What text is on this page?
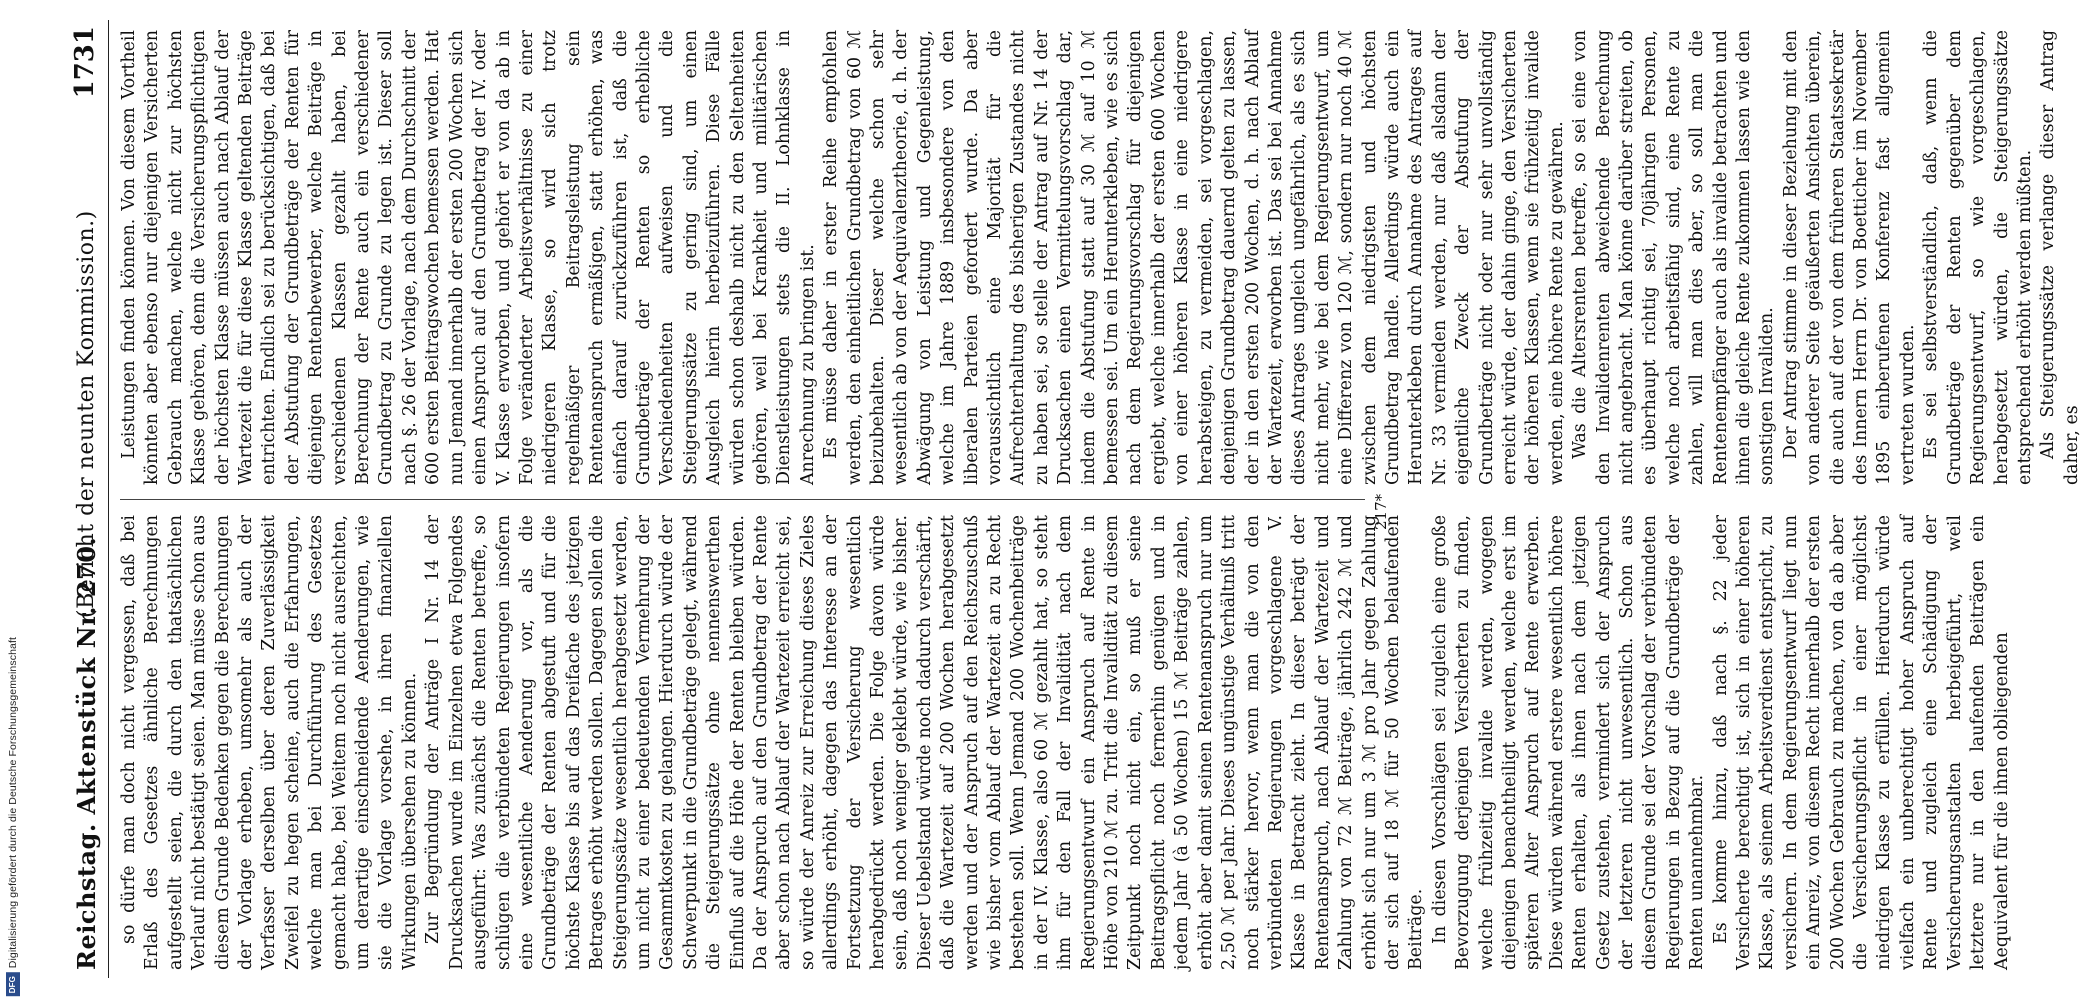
DFG
Digitalisierung gefördert durch die Deutsche Forschungsgemeinschaft Reichstag. Aktenstück Nr. 270.
(Bericht der neunten Kommission.)
1731

so dürfe man doch nicht vergessen, daß bei Erlaß des Gesetzes ähnliche Berechnungen aufgestellt seien, die durch den thatsächlichen Verlauf nicht bestätigt seien. Man müsse schon aus diesem Grunde Bedenken gegen die Berechnungen der Vorlage erheben, umsomehr als auch der Verfasser derselben über deren Zuverlässigkeit Zweifel zu hegen scheine, auch die Erfahrungen, welche man bei Durchführung des Gesetzes gemacht habe, bei Weitem noch nicht ausreichten, um derartige einschneidende Aenderungen, wie sie die Vorlage vorsehe, in ihren finanziellen Wirkungen übersehen zu können. Zur Begründung der Anträge I Nr. 14 der Drucksachen wurde im Einzelnen etwa Folgendes ausgeführt: Was zunächst die Renten betreffe, so schlügen die verbündeten Regierungen insofern eine wesentliche Aenderung vor, als die Grundbeträge der Renten abgestuft und für die höchste Klasse bis auf das Dreifache des jetzigen Betrages erhöht werden sollen. Dagegen sollen die Steigerungssätze wesentlich herabgesetzt werden, um nicht zu einer bedeutenden Vermehrung der Gesammtkosten zu gelangen. Hierdurch würde der Schwerpunkt in die Grundbeträge gelegt, während die Steigerungssätze ohne nennenswerthen Einfluß auf die Höhe der Renten bleiben würden. Da der Anspruch auf den Grundbetrag der Rente aber schon nach Ablauf der Wartezeit erreicht sei, so würde der Anreiz zur Erreichung dieses Zieles allerdings erhöht, dagegen das Interesse an der Fortsetzung der Versicherung wesentlich herabgedrückt werden. Die Folge davon würde sein, daß noch weniger geklebt würde, wie bisher. Dieser Uebelstand würde noch dadurch verschärft, daß die Wartezeit auf 200 Wochen herabgesetzt werden und der Anspruch auf den Reichszuschuß wie bisher vom Ablauf der Wartezeit an zu Recht bestehen soll. Wenn Jemand 200 Wochenbeiträge in der IV. Klasse, also 60 ℳ gezahlt hat, so steht ihm für den Fall der Invalidität nach dem Regierungsentwurf ein Anspruch auf Rente in Höhe von 210 ℳ zu. Tritt die Invalidität zu diesem Zeitpunkt noch nicht ein, so muß er seine Beitragspflicht noch fernerhin genügen und in jedem Jahr (à 50 Wochen) 15 ℳ Beiträge zahlen, erhöht aber damit seinen Rentenanspruch nur um 2,50 ℳ per Jahr. Dieses ungünstige Verhältniß tritt noch stärker hervor, wenn man die von den verbündeten Regierungen vorgeschlagene V. Klasse in Betracht zieht. In dieser beträgt der Rentenanspruch, nach Ablauf der Wartezeit und Zahlung von 72 ℳ Beiträge, jährlich 242 ℳ und erhöht sich nur um 3 ℳ pro Jahr gegen Zahlung der sich auf 18 ℳ für 50 Wochen belaufenden Beiträge. In diesen Vorschlägen sei zugleich eine große Bevorzugung derjenigen Versicherten zu finden, welche frühzeitig invalide werden, wogegen diejenigen benachtheiligt werden, welche erst im späteren Alter Anspruch auf Rente erwerben. Diese würden während erstere wesentlich höhere Renten erhalten, als ihnen nach dem jetzigen Gesetz zustehen, vermindert sich der Anspruch der letzteren nicht unwesentlich. Schon aus diesem Grunde sei der Vorschlag der verbündeten Regierungen in Bezug auf die Grundbeträge der Renten unannehmbar. Es komme hinzu, daß nach §. 22 jeder Versicherte berechtigt ist, sich in einer höheren Klasse, als seinem Arbeitsverdienst entspricht, zu versichern. In dem Regierungsentwurf liegt nun ein Anreiz, von diesem Recht innerhalb der ersten 200 Wochen Gebrauch zu machen, von da ab aber die Versicherungspflicht in einer möglichst niedrigen Klasse zu erfüllen. Hierdurch würde vielfach ein unberechtigt hoher Anspruch auf Rente und zugleich eine Schädigung der Versicherungsanstalten herbeigeführt, weil letztere nur in den laufenden Beiträgen ein Aequivalent für die ihnen obliegenden

Leistungen finden können. Von diesem Vortheil könnten aber ebenso nur diejenigen Versicherten Gebrauch machen, welche nicht zur höchsten Klasse gehören, denn die Versicherungspflichtigen der höchsten Klasse müssen auch nach Ablauf der Wartezeit die für diese Klasse geltenden Beiträge entrichten. Endlich sei zu berücksichtigen, daß bei der Abstufung der Grundbeträge der Renten für diejenigen Rentenbewerber, welche Beiträge in verschiedenen Klassen gezahlt haben, bei Berechnung der Rente auch ein verschiedener Grundbetrag zu Grunde zu legen ist. Dieser soll nach §. 26 der Vorlage, nach dem Durchschnitt der 600 ersten Beitragswochen bemessen werden. Hat nun Jemand innerhalb der ersten 200 Wochen sich einen Anspruch auf den Grundbetrag der IV. oder V. Klasse erworben, und gehört er von da ab in Folge veränderter Arbeitsverhältnisse zu einer niedrigeren Klasse, so wird sich trotz regelmäßiger Beitragsleistung sein Rentenanspruch ermäßigen, statt erhöhen, was einfach darauf zurückzuführen ist, daß die Grundbeträge der Renten so erhebliche Verschiedenheiten aufweisen und die Steigerungssätze zu gering sind, um einen Ausgleich hierin herbeizuführen. Diese Fälle würden schon deshalb nicht zu den Seltenheiten gehören, weil bei Krankheit und militärischen Dienstleistungen stets die II. Lohnklasse in Anrechnung zu bringen ist. Es müsse daher in erster Reihe empfohlen werden, den einheitlichen Grundbetrag von 60 ℳ beizubehalten. Dieser welche schon sehr wesentlich ab von der Aequivalenztheorie, d. h. der Abwägung von Leistung und Gegenleistung, welche im Jahre 1889 insbesondere von den liberalen Parteien gefordert wurde. Da aber voraussichtlich eine Majorität für die Aufrechterhaltung des bisherigen Zustandes nicht zu haben sei, so stelle der Antrag auf Nr. 14 der Drucksachen einen Vermittelungsvorschlag dar, indem die Abstufung statt auf 30 ℳ auf 10 ℳ bemessen sei. Um ein Herunterkleben, wie es sich nach dem Regierungsvorschlag für diejenigen ergiebt, welche innerhalb der ersten 600 Wochen von einer höheren Klasse in eine niedrigere herabsteigen, zu vermeiden, sei vorgeschlagen, denjenigen Grundbetrag dauernd gelten zu lassen, der in den ersten 200 Wochen, d. h. nach Ablauf der Wartezeit, erworben ist. Das sei bei Annahme dieses Antrages ungleich ungefährlich, als es sich nicht mehr, wie bei dem Regierungsentwurf, um eine Differenz von 120 ℳ, sondern nur noch 40 ℳ zwischen dem niedrigsten und höchsten Grundbetrag handle. Allerdings würde auch ein Herunterkleben durch Annahme des Antrages auf Nr. 33 vermieden werden, nur daß alsdann der eigentliche Zweck der Abstufung der Grundbeträge nicht oder nur sehr unvollständig erreicht würde, der dahin ginge, den Versicherten der höheren Klassen, wenn sie frühzeitig invalide werden, eine höhere Rente zu gewähren. Was die Altersrenten betreffe, so sei eine von den Invalidenrenten abweichende Berechnung nicht angebracht. Man könne darüber streiten, ob es überhaupt richtig sei, 70jährigen Personen, welche noch arbeitsfähig sind, eine Rente zu zahlen, will man dies aber, so soll man die Rentenempfänger auch als invalide betrachten und ihnen die gleiche Rente zukommen lassen wie den sonstigen Invaliden. Der Antrag stimme in dieser Beziehung mit den von anderer Seite geäußerten Ansichten überein, die auch auf der von dem früheren Staatssekretär des Innern Herrn Dr. von Boetticher im November 1895 einberufenen Konferenz fast allgemein vertreten wurden. Es sei selbstverständlich, daß, wenn die Grundbeträge der Renten gegenüber dem Regierungsentwurf, so wie vorgeschlagen, herabgesetzt würden, die Steigerungssätze entsprechend erhöht werden müßten. Als Steigerungssätze verlange dieser Antrag daher, es

217*
